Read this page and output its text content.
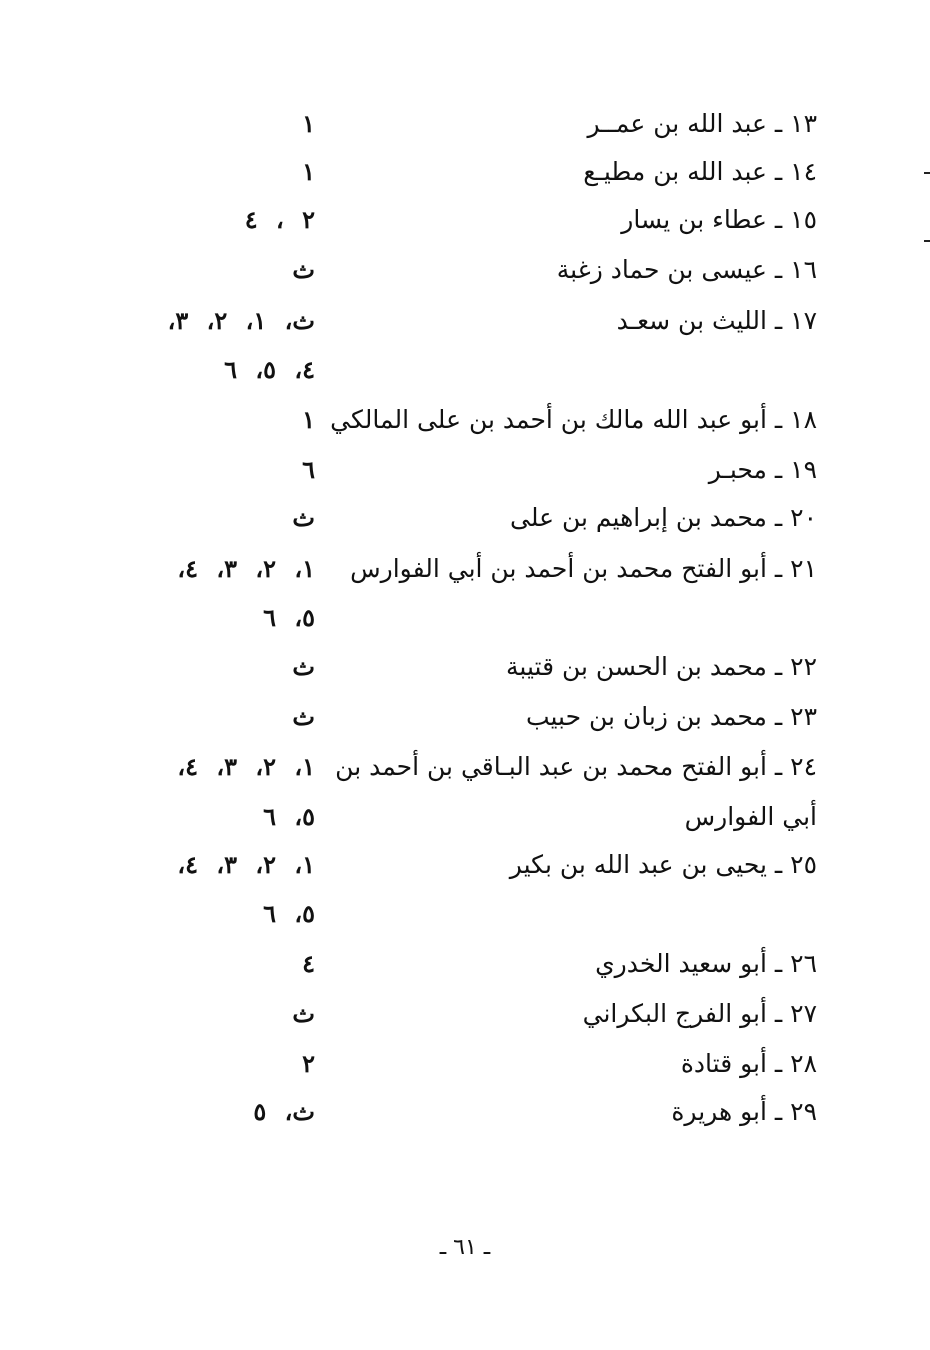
١٣ ـ عبد الله بن عمــر
١
١٤ ـ عبد الله بن مطيـع
١
١٥ ـ عطاء بن يسار
٢ ، ٤
١٦ ـ عيسى بن حماد زغبة
ث
١٧ ـ الليث بن سعـد
ث، ١، ٢، ٣،
٤، ٥، ٦
١٨ ـ أبو عبد الله مالك بن أحمد بن على المالكي
١
١٩ ـ محبـر
٦
٢٠ ـ محمد بن إبراهيم بن على
ث
٢١ ـ أبو الفتح محمد بن أحمد بن أبي الفوارس
١، ٢، ٣، ٤،
٥، ٦
٢٢ ـ محمد بن الحسن بن قتيبة
ث
٢٣ ـ محمد بن زبان بن حبيب
ث
٢٤ ـ أبو الفتح محمد بن عبد البـاقي بن أحمد بن
أبي الفوارس
١، ٢، ٣، ٤،
٥، ٦
٢٥ ـ يحيى بن عبد الله بن بكير
١، ٢، ٣، ٤،
٥، ٦
٢٦ ـ أبو سعيد الخدري
٤
٢٧ ـ أبو الفرج البكراني
ث
٢٨ ـ أبو قتادة
٢
٢٩ ـ أبو هريرة
ث، ٥
ـ ٦١ ـ
